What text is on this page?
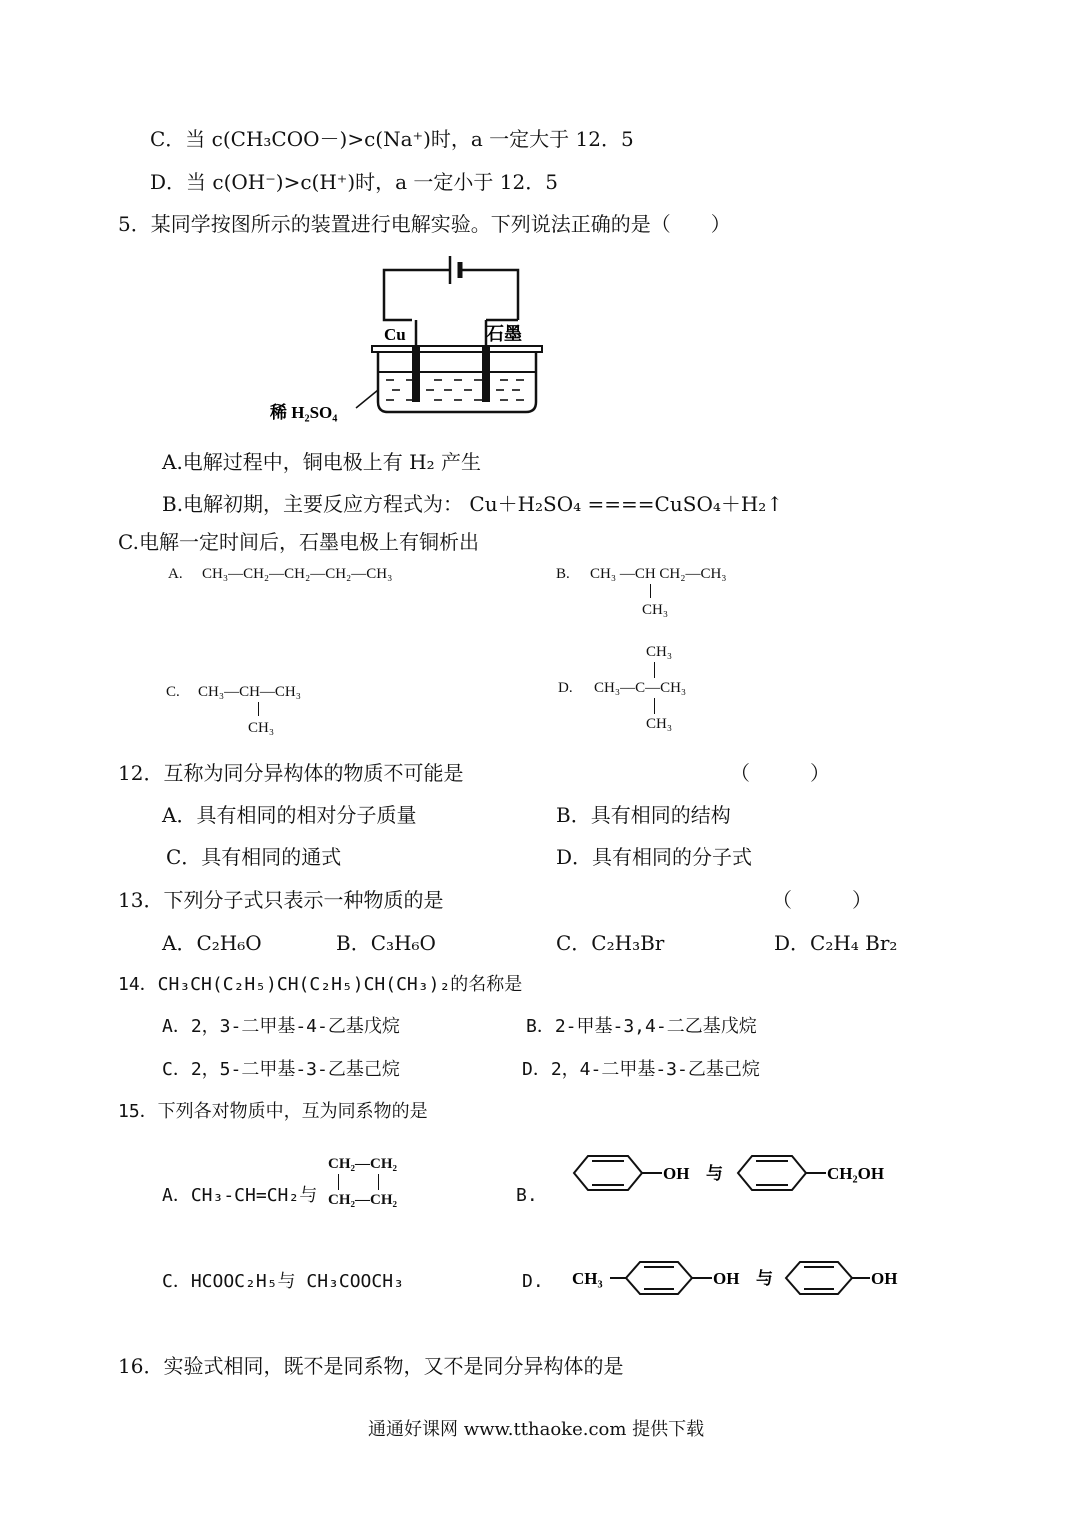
C．当 c(CH₃COO－)>c(Na⁺)时，a 一定大于 12．5
D．当 c(OH⁻)>c(H⁺)时，a 一定小于 12．5
5．某同学按图所示的装置进行电解实验。下列说法正确的是（　　）
Cu	石墨
稀 H₂SO₄
A.电解过程中，铜电极上有 H₂ 产生
B.电解初期，主要反应方程式为： Cu＋H₂SO₄ ====CuSO₄＋H₂↑
C.电解一定时间后，石墨电极上有铜析出
A. CH₃—CH₂—CH₂—CH₂—CH₃	B. CH₃ —CH CH₂—CH₃
CH₃
C. CH₃—CH—CH₃
CH₃
CH₃
D. CH₃—C—CH₃
CH₃
12．互称为同分异构体的物质不可能是	（　　　）
A．具有相同的相对分子质量	B．具有相同的结构
C．具有相同的通式	D．具有相同的分子式
13．下列分子式只表示一种物质的是	（　　　）
A．C₂H₆O	B．C₃H₆O	C．C₂H₃Br	D．C₂H₄ Br₂
14．CH₃CH(C₂H₅)CH(C₂H₅)CH(CH₃)₂的名称是
A．2，3-二甲基-4-乙基戊烷	B．2-甲基-3,4-二乙基戊烷
C．2，5-二甲基-3-乙基己烷	D．2，4-二甲基-3-乙基己烷
15．下列各对物质中，互为同系物的是
A．CH₃-CH=CH₂与
CH₂—CH₂
CH₂—CH₂	B.
OH 与	CH₂OH
C．HCOOC₂H₅与 CH₃COOCH₃	D. CH₃	OH 与	OH
16．实验式相同，既不是同系物，又不是同分异构体的是
通通好课网 www.tthaoke.com 提供下载
